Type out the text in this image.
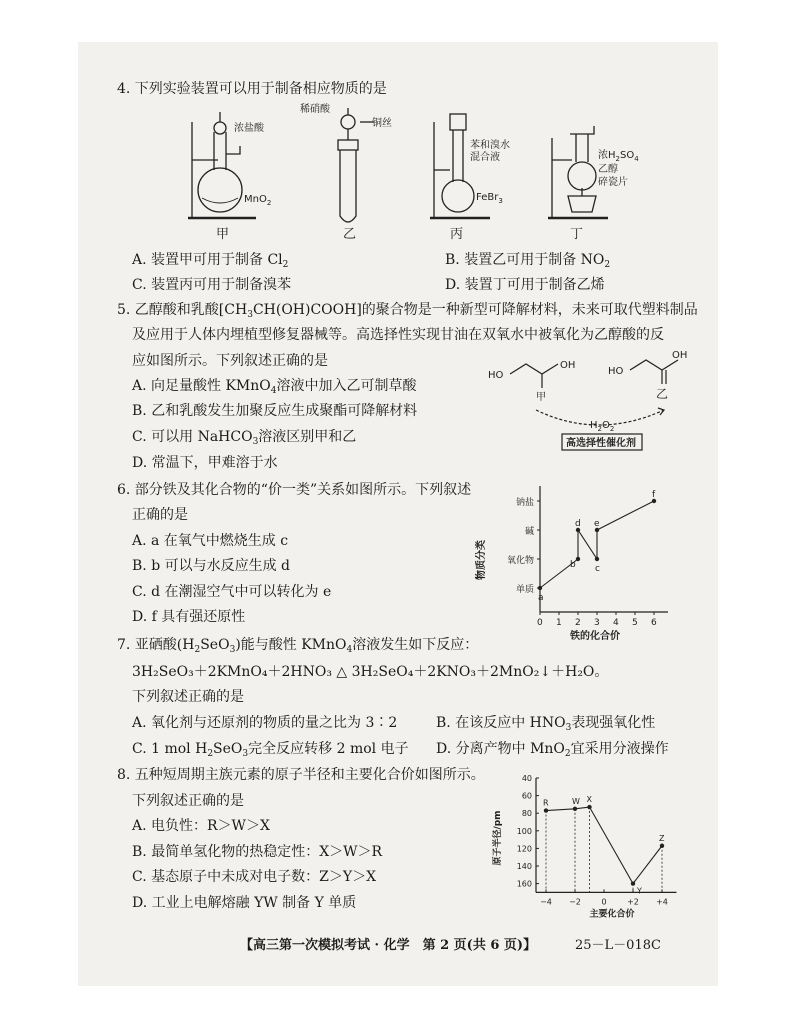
4. 下列实验装置可以用于制备相应物质的是
浓盐酸
MnO$_2$
甲
稀硝酸
铜丝
乙
苯和溴水
混合液
FeBr$_3$
丙
浓$H_2SO_4$
乙醇
碎瓷片
丁
A. 装置甲可用于制备 $Cl_2$	B. 装置乙可用于制备 $NO_2$
C. 装置丙可用于制备溴苯	D. 装置丁可用于制备乙烯
5. 乙醇酸和乳酸$[CH_3CH(OH)COOH]$的聚合物是一种新型可降解材料，未来可取代塑料制品
及应用于人体内埋植型修复器械等。高选择性实现甘油在双氧水中被氧化为乙醇酸的反
应如图所示。下列叙述正确的是
A. 向足量酸性 KMnO$_4$溶液中加入乙可制草酸
B. 乙和乳酸发生加聚反应生成聚酯可降解材料
C. 可以用 NaHCO$_3$溶液区别甲和乙
D. 常温下，甲难溶于水
HO
OH
甲
HO
OH
乙
$H_2O_2$
高选择性催化剂
6. 部分铁及其化合物的“价一类”关系如图所示。下列叙述
正确的是
A. a 在氧气中燃烧生成 c
B. b 可以与水反应生成 d
C. d 在潮湿空气中可以转化为 e
D. f 具有强还原性	0 1 2 3 4 5 6
单质
氧化物
碱
钠盐
铁的化合价
物质分类
a
b c
d e
f
7. 亚硒酸$(H_2SeO_3)$能与酸性 KMnO$_4$溶液发生如下反应：
3H₂SeO₃＋2KMnO₄＋2HNO₃ △ 3H₂SeO₄＋2KNO₃＋2MnO₂↓＋H₂O。
下列叙述正确的是
A. 氧化剂与还原剂的物质的量之比为 3∶2	B. 在该反应中 $HNO_3$表现强氧化性
C. 1 mol $H_2SeO_3$完全反应转移 2 mol 电子 D. 分离产物中 MnO$_2$宜采用分液操作
8. 五种短周期主族元素的原子半径和主要化合价如图所示。
下列叙述正确的是
A. 电负性：R＞W＞X
B. 最简单氢化物的热稳定性：X＞W＞R
C. 基态原子中未成对电子数：Z＞Y＞X
D. 工业上电解熔融 YW 制备 Y 单质
40
60
80
100
120
140
160
−4 −2	0	+2 +4
主要化合价
原子半径/pm
R	W X
Y
Z
【高三第一次模拟考试 · 化学　第 2 页(共 6 页)】	25－L－018C
